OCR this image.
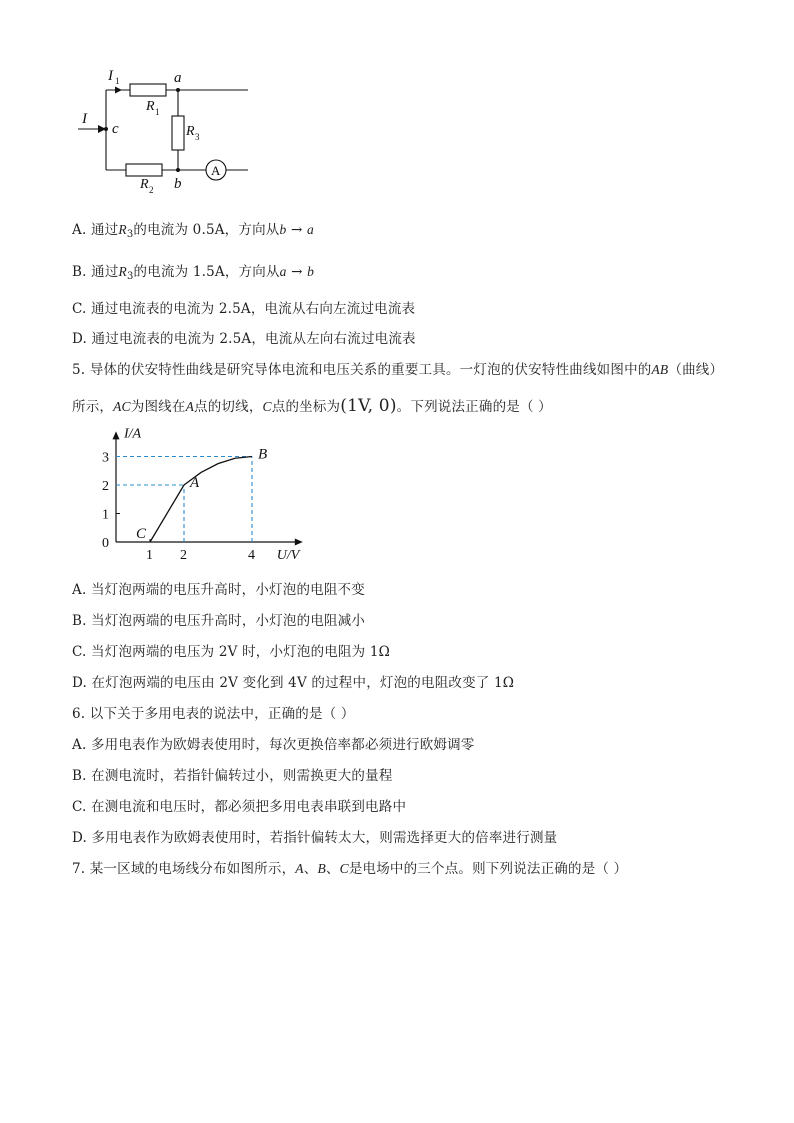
I
I 1	a
b
c
R 1
R 2
R 3
A
A. 通过$R_3$的电流为 0.5A，方向从b → a
B. 通过$R_3$的电流为 1.5A，方向从a → b
C. 通过电流表的电流为 2.5A，电流从右向左流过电流表
D. 通过电流表的电流为 2.5A，电流从左向右流过电流表
5. 导体的伏安特性曲线是研究导体电流和电压关系的重要工具。一灯泡的伏安特性曲线如图中的AB（曲线）
所示，AC为图线在A点的切线，C点的坐标为(1V, 0)。下列说法正确的是（ ）
I/A
U/V
0
1
2
3
1 2	4
A
B
C
A. 当灯泡两端的电压升高时，小灯泡的电阻不变
B. 当灯泡两端的电压升高时，小灯泡的电阻减小
C. 当灯泡两端的电压为 2V 时，小灯泡的电阻为 1Ω
D. 在灯泡两端的电压由 2V 变化到 4V 的过程中，灯泡的电阻改变了 1Ω
6. 以下关于多用电表的说法中，正确的是（ ）
A. 多用电表作为欧姆表使用时，每次更换倍率都必须进行欧姆调零
B. 在测电流时，若指针偏转过小，则需换更大的量程
C. 在测电流和电压时，都必须把多用电表串联到电路中
D. 多用电表作为欧姆表使用时，若指针偏转太大，则需选择更大的倍率进行测量
7. 某一区域的电场线分布如图所示，A、B、C是电场中的三个点。则下列说法正确的是（ ）
